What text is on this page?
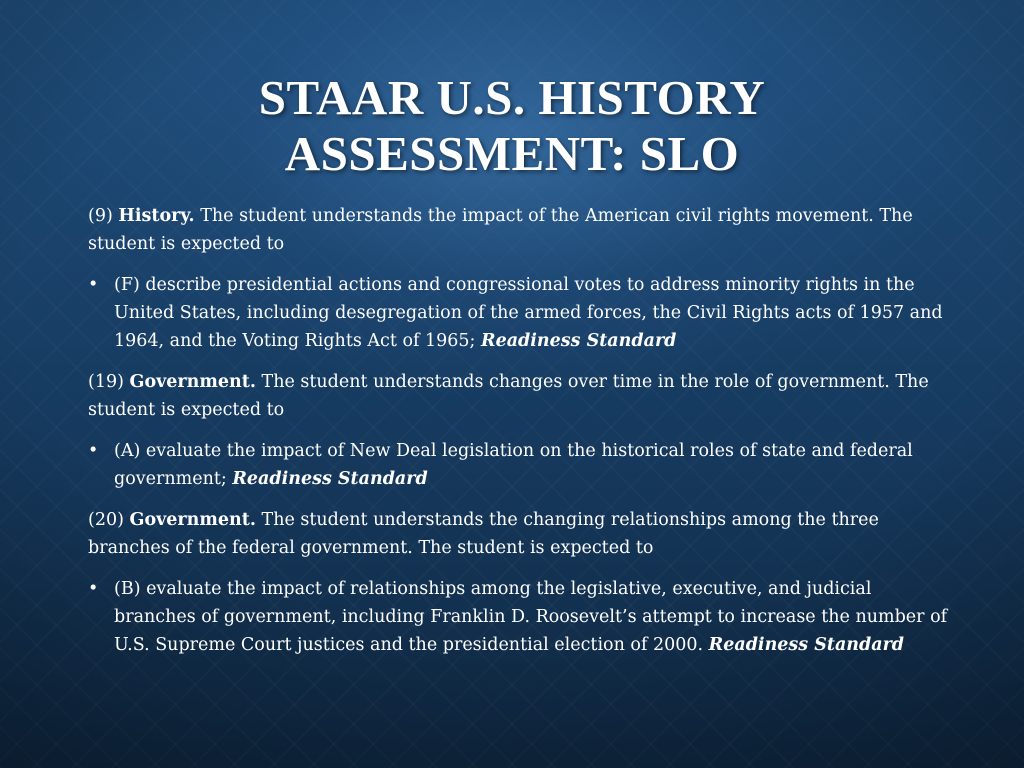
STAAR U.S. HISTORY
ASSESSMENT: SLO
(9) History. The student understands the impact of the American civil rights movement. The student is expected to
• (F) describe presidential actions and congressional votes to address minority rights in the United States, including desegregation of the armed forces, the Civil Rights acts of 1957 and 1964, and the Voting Rights Act of 1965; Readiness Standard
(19) Government. The student understands changes over time in the role of government. The student is expected to
• (A) evaluate the impact of New Deal legislation on the historical roles of state and federal government; Readiness Standard
(20) Government. The student understands the changing relationships among the three branches of the federal government. The student is expected to
• (B) evaluate the impact of relationships among the legislative, executive, and judicial branches of government, including Franklin D. Roosevelt’s attempt to increase the number of U.S. Supreme Court justices and the presidential election of 2000. Readiness Standard
